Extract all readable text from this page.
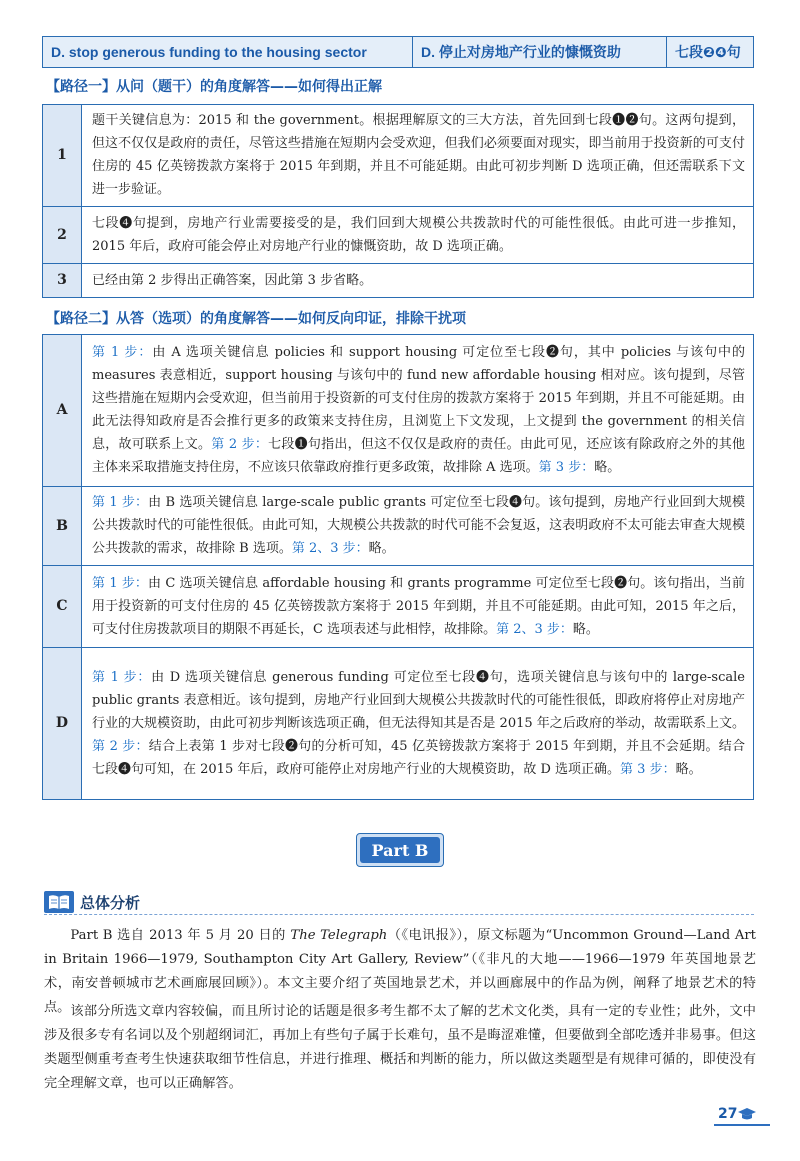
D. stop generous funding to the housing sector	D. 停止对房地产行业的慷慨资助	七段❷❹句
【路径一】从问（题干）的角度解答——如何得出正解
1	题干关键信息为：2015 和 the government。根据理解原文的三大方法，首先回到七段❶❷句。这两句提到，但这不仅仅是政府的责任，尽管这些措施在短期内会受欢迎，但我们必须要面对现实，即当前用于投资新的可支付住房的 45 亿英镑拨款方案将于 2015 年到期，并且不可能延期。由此可初步判断 D 选项正确，但还需联系下文进一步验证。
2	七段❹句提到，房地产行业需要接受的是，我们回到大规模公共拨款时代的可能性很低。由此可进一步推知，2015 年后，政府可能会停止对房地产行业的慷慨资助，故 D 选项正确。
3	已经由第 2 步得出正确答案，因此第 3 步省略。
【路径二】从答（选项）的角度解答——如何反向印证，排除干扰项
A	第 1 步：由 A 选项关键信息 policies 和 support housing 可定位至七段❷句，其中 policies 与该句中的 measures 表意相近，support housing 与该句中的 fund new affordable housing 相对应。该句提到，尽管这些措施在短期内会受欢迎，但当前用于投资新的可支付住房的拨款方案将于 2015 年到期，并且不可能延期。由此无法得知政府是否会推行更多的政策来支持住房，且浏览上下文发现，上文提到 the government 的相关信息，故可联系上文。第 2 步：七段❶句指出，但这不仅仅是政府的责任。由此可见，还应该有除政府之外的其他主体来采取措施支持住房，不应该只依靠政府推行更多政策，故排除 A 选项。第 3 步：略。
B	第 1 步：由 B 选项关键信息 large-scale public grants 可定位至七段❹句。该句提到，房地产行业回到大规模公共拨款时代的可能性很低。由此可知，大规模公共拨款的时代可能不会复返，这表明政府不太可能去审查大规模公共拨款的需求，故排除 B 选项。第 2、3 步：略。
C	第 1 步：由 C 选项关键信息 affordable housing 和 grants programme 可定位至七段❷句。该句指出，当前用于投资新的可支付住房的 45 亿英镑拨款方案将于 2015 年到期，并且不可能延期。由此可知，2015 年之后，可支付住房拨款项目的期限不再延长，C 选项表述与此相悖，故排除。第 2、3 步：略。
D	第 1 步：由 D 选项关键信息 generous funding 可定位至七段❹句，选项关键信息与该句中的 large-scale public grants 表意相近。该句提到，房地产行业回到大规模公共拨款时代的可能性很低，即政府将停止对房地产行业的大规模资助，由此可初步判断该选项正确，但无法得知其是否是 2015 年之后政府的举动，故需联系上文。第 2 步：结合上表第 1 步对七段❷句的分析可知，45 亿英镑拨款方案将于 2015 年到期，并且不会延期。结合七段❹句可知，在 2015 年后，政府可能停止对房地产行业的大规模资助，故 D 选项正确。第 3 步：略。
Part B
总体分析
Part B 选自 2013 年 5 月 20 日的 The Telegraph（《电讯报》），原文标题为“Uncommon Ground—Land Art in Britain 1966—1979, Southampton City Art Gallery, Review”（《非凡的大地——1966—1979 年英国地景艺术，南安普顿城市艺术画廊展回顾》）。本文主要介绍了英国地景艺术，并以画廊展中的作品为例，阐释了地景艺术的特点。 该部分所选文章内容较偏，而且所讨论的话题是很多考生都不太了解的艺术文化类，具有一定的专业性；此外，文中涉及很多专有名词以及个别超纲词汇，再加上有些句子属于长难句，虽不是晦涩难懂，但要做到全部吃透并非易事。但这类题型侧重考查考生快速获取细节性信息，并进行推理、概括和判断的能力，所以做这类题型是有规律可循的，即使没有完全理解文章，也可以正确解答。
27
